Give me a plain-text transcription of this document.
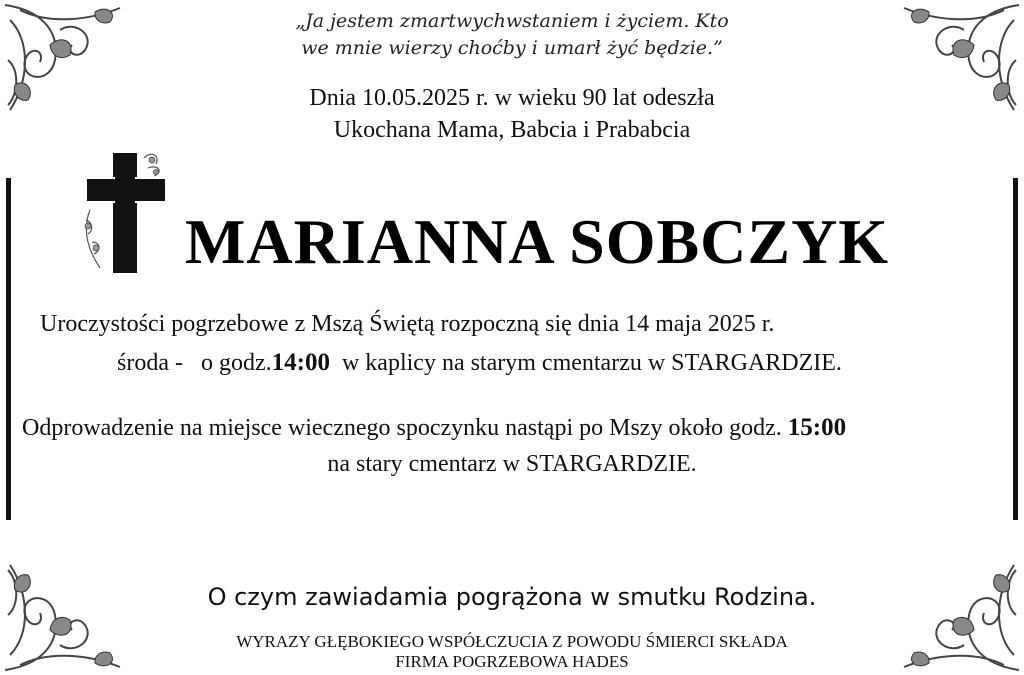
„Ja jestem zmartwychwstaniem i życiem. Kto
we mnie wierzy choćby i umarł żyć będzie.”
Dnia 10.05.2025 r. w wieku 90 lat odeszła
Ukochana Mama, Babcia i Prababcia
MARIANNA SOBCZYK
Uroczystości pogrzebowe z Mszą Świętą rozpoczną się dnia 14 maja 2025 r.
środa -   o godz.14:00  w kaplicy na starym cmentarzu w STARGARDZIE.
Odprowadzenie na miejsce wiecznego spoczynku nastąpi po Mszy około godz. 15:00
na stary cmentarz w STARGARDZIE.
O czym zawiadamia pogrążona w smutku Rodzina.
WYRAZY GŁĘBOKIEGO WSPÓŁCZUCIA Z POWODU ŚMIERCI SKŁADA
FIRMA POGRZEBOWA HADES
